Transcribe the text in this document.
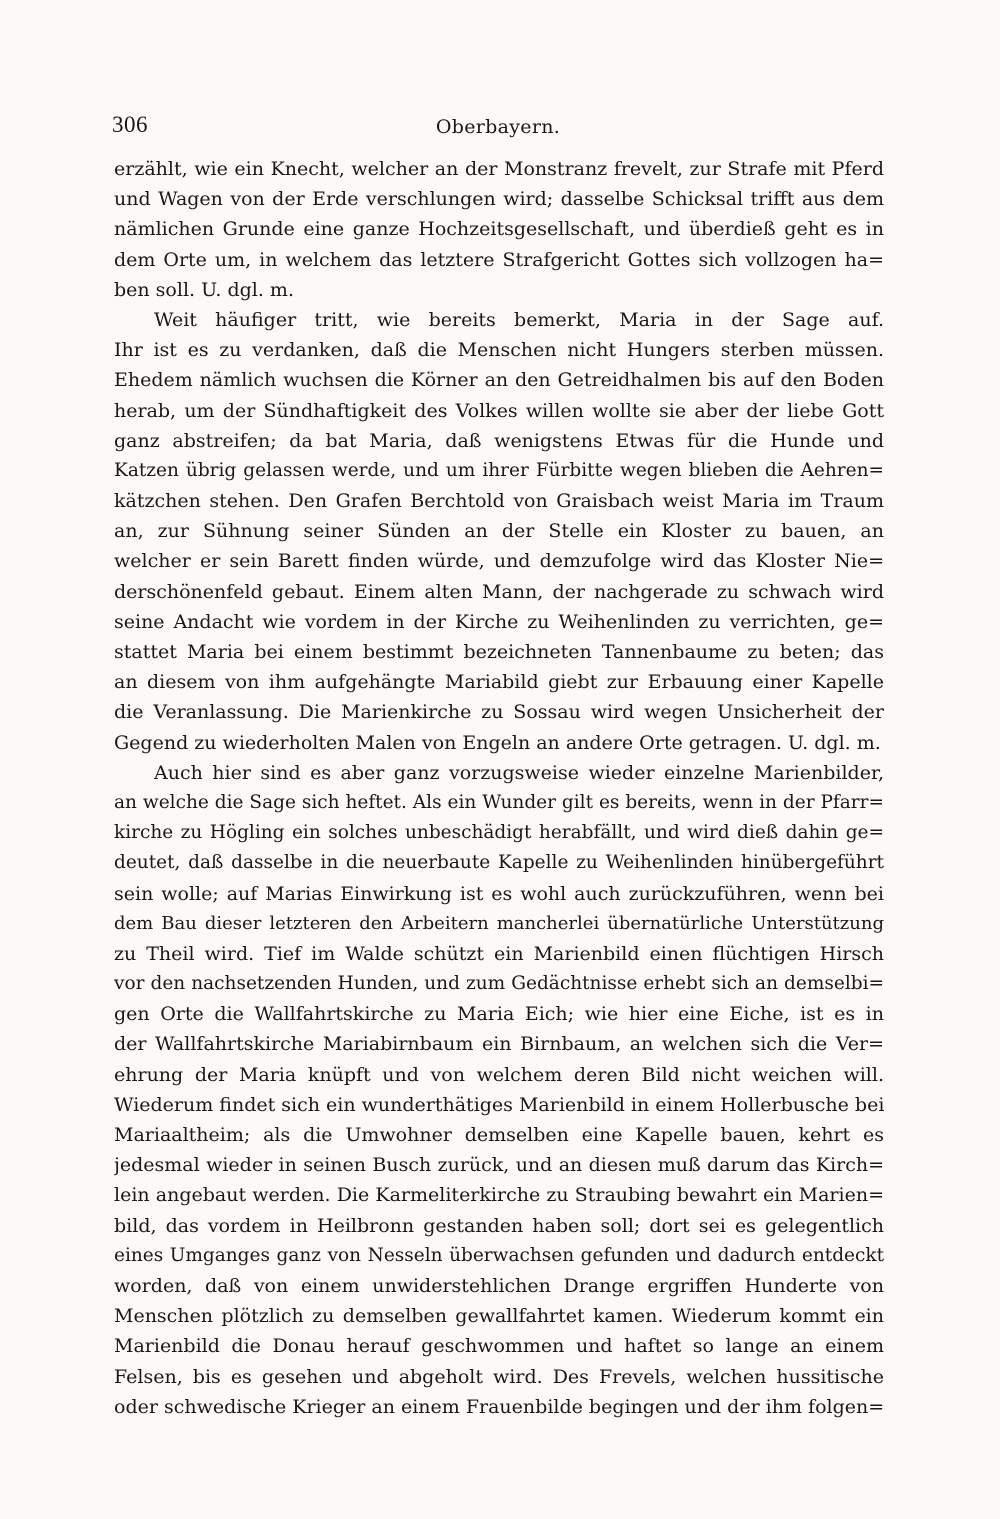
306	Oberbayern.
erzählt, wie ein Knecht, welcher an der Monstranz frevelt, zur Strafe mit Pferd
und Wagen von der Erde verschlungen wird; dasselbe Schicksal trifft aus dem
nämlichen Grunde eine ganze Hochzeitsgesellschaft, und überdieß geht es in
dem Orte um, in welchem das letztere Strafgericht Gottes sich vollzogen ha=
ben soll. U. dgl. m.
Weit häufiger tritt, wie bereits bemerkt, Maria in der Sage auf.
Ihr ist es zu verdanken, daß die Menschen nicht Hungers sterben müssen.
Ehedem nämlich wuchsen die Körner an den Getreidhalmen bis auf den Boden
herab, um der Sündhaftigkeit des Volkes willen wollte sie aber der liebe Gott
ganz abstreifen; da bat Maria, daß wenigstens Etwas für die Hunde und
Katzen übrig gelassen werde, und um ihrer Fürbitte wegen blieben die Aehren=
kätzchen stehen. Den Grafen Berchtold von Graisbach weist Maria im Traum
an, zur Sühnung seiner Sünden an der Stelle ein Kloster zu bauen, an
welcher er sein Barett finden würde, und demzufolge wird das Kloster Nie=
derschönenfeld gebaut. Einem alten Mann, der nachgerade zu schwach wird
seine Andacht wie vordem in der Kirche zu Weihenlinden zu verrichten, ge=
stattet Maria bei einem bestimmt bezeichneten Tannenbaume zu beten; das
an diesem von ihm aufgehängte Mariabild giebt zur Erbauung einer Kapelle
die Veranlassung. Die Marienkirche zu Sossau wird wegen Unsicherheit der
Gegend zu wiederholten Malen von Engeln an andere Orte getragen. U. dgl. m.
Auch hier sind es aber ganz vorzugsweise wieder einzelne Marienbilder,
an welche die Sage sich heftet. Als ein Wunder gilt es bereits, wenn in der Pfarr=
kirche zu Högling ein solches unbeschädigt herabfällt, und wird dieß dahin ge=
deutet, daß dasselbe in die neuerbaute Kapelle zu Weihenlinden hinübergeführt
sein wolle; auf Marias Einwirkung ist es wohl auch zurückzuführen, wenn bei
dem Bau dieser letzteren den Arbeitern mancherlei übernatürliche Unterstützung
zu Theil wird. Tief im Walde schützt ein Marienbild einen flüchtigen Hirsch
vor den nachsetzenden Hunden, und zum Gedächtnisse erhebt sich an demselbi=
gen Orte die Wallfahrtskirche zu Maria Eich; wie hier eine Eiche, ist es in
der Wallfahrtskirche Mariabirnbaum ein Birnbaum, an welchen sich die Ver=
ehrung der Maria knüpft und von welchem deren Bild nicht weichen will.
Wiederum findet sich ein wunderthätiges Marienbild in einem Hollerbusche bei
Mariaaltheim; als die Umwohner demselben eine Kapelle bauen, kehrt es
jedesmal wieder in seinen Busch zurück, und an diesen muß darum das Kirch=
lein angebaut werden. Die Karmeliterkirche zu Straubing bewahrt ein Marien=
bild, das vordem in Heilbronn gestanden haben soll; dort sei es gelegentlich
eines Umganges ganz von Nesseln überwachsen gefunden und dadurch entdeckt
worden, daß von einem unwiderstehlichen Drange ergriffen Hunderte von
Menschen plötzlich zu demselben gewallfahrtet kamen. Wiederum kommt ein
Marienbild die Donau herauf geschwommen und haftet so lange an einem
Felsen, bis es gesehen und abgeholt wird. Des Frevels, welchen hussitische
oder schwedische Krieger an einem Frauenbilde begingen und der ihm folgen=
